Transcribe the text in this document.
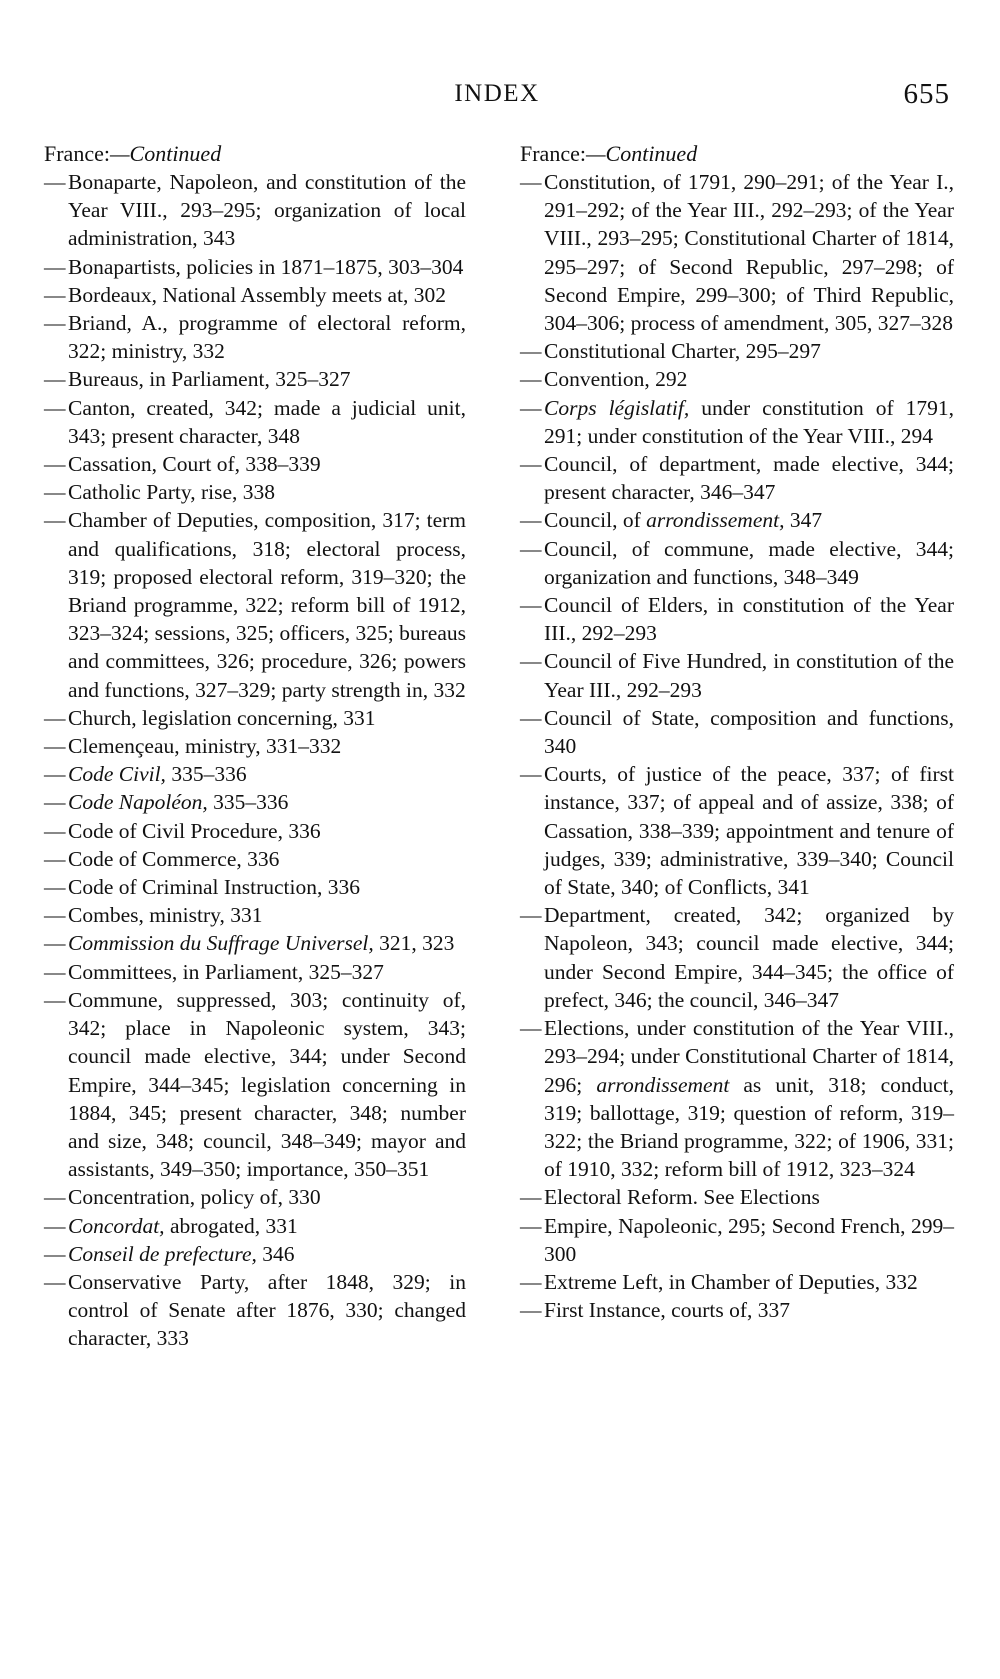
INDEX	655
France:—Continued
— Bonaparte, Napoleon, and constitution of the Year VIII., 293–295; organization of local administration, 343
— Bonapartists, policies in 1871–1875, 303–304
— Bordeaux, National Assembly meets at, 302
— Briand, A., programme of electoral reform, 322; ministry, 332
— Bureaus, in Parliament, 325–327
— Canton, created, 342; made a judicial unit, 343; present character, 348
— Cassation, Court of, 338–339
— Catholic Party, rise, 338
— Chamber of Deputies, composition, 317; term and qualifications, 318; electoral process, 319; proposed electoral reform, 319–320; the Briand programme, 322; reform bill of 1912, 323–324; sessions, 325; officers, 325; bureaus and committees, 326; procedure, 326; powers and functions, 327–329; party strength in, 332
— Church, legislation concerning, 331
— Clemençeau, ministry, 331–332
— Code Civil, 335–336
— Code Napoléon, 335–336
— Code of Civil Procedure, 336
— Code of Commerce, 336
— Code of Criminal Instruction, 336
— Combes, ministry, 331
— Commission du Suffrage Universel, 321, 323
— Committees, in Parliament, 325–327
— Commune, suppressed, 303; continuity of, 342; place in Napoleonic system, 343; council made elective, 344; under Second Empire, 344–345; legislation concerning in 1884, 345; present character, 348; number and size, 348; council, 348–349; mayor and assistants, 349–350; importance, 350–351
— Concentration, policy of, 330
— Concordat, abrogated, 331
— Conseil de prefecture, 346
— Conservative Party, after 1848, 329; in control of Senate after 1876, 330; changed character, 333
France:—Continued
— Constitution, of 1791, 290–291; of the Year I., 291–292; of the Year III., 292–293; of the Year VIII., 293–295; Constitutional Charter of 1814, 295–297; of Second Republic, 297–298; of Second Empire, 299–300; of Third Republic, 304–306; process of amendment, 305, 327–328
— Constitutional Charter, 295–297
— Convention, 292
— Corps législatif, under constitution of 1791, 291; under constitution of the Year VIII., 294
— Council, of department, made elective, 344; present character, 346–347
— Council, of arrondissement, 347
— Council, of commune, made elective, 344; organization and functions, 348–349
— Council of Elders, in constitution of the Year III., 292–293
— Council of Five Hundred, in constitution of the Year III., 292–293
— Council of State, composition and functions, 340
— Courts, of justice of the peace, 337; of first instance, 337; of appeal and of assize, 338; of Cassation, 338–339; appointment and tenure of judges, 339; administrative, 339–340; Council of State, 340; of Conflicts, 341
— Department, created, 342; organized by Napoleon, 343; council made elective, 344; under Second Empire, 344–345; the office of prefect, 346; the council, 346–347
— Elections, under constitution of the Year VIII., 293–294; under Constitutional Charter of 1814, 296; arrondissement as unit, 318; conduct, 319; ballottage, 319; question of reform, 319–322; the Briand programme, 322; of 1906, 331; of 1910, 332; reform bill of 1912, 323–324
— Electoral Reform. See Elections
— Empire, Napoleonic, 295; Second French, 299–300
— Extreme Left, in Chamber of Deputies, 332
— First Instance, courts of, 337
